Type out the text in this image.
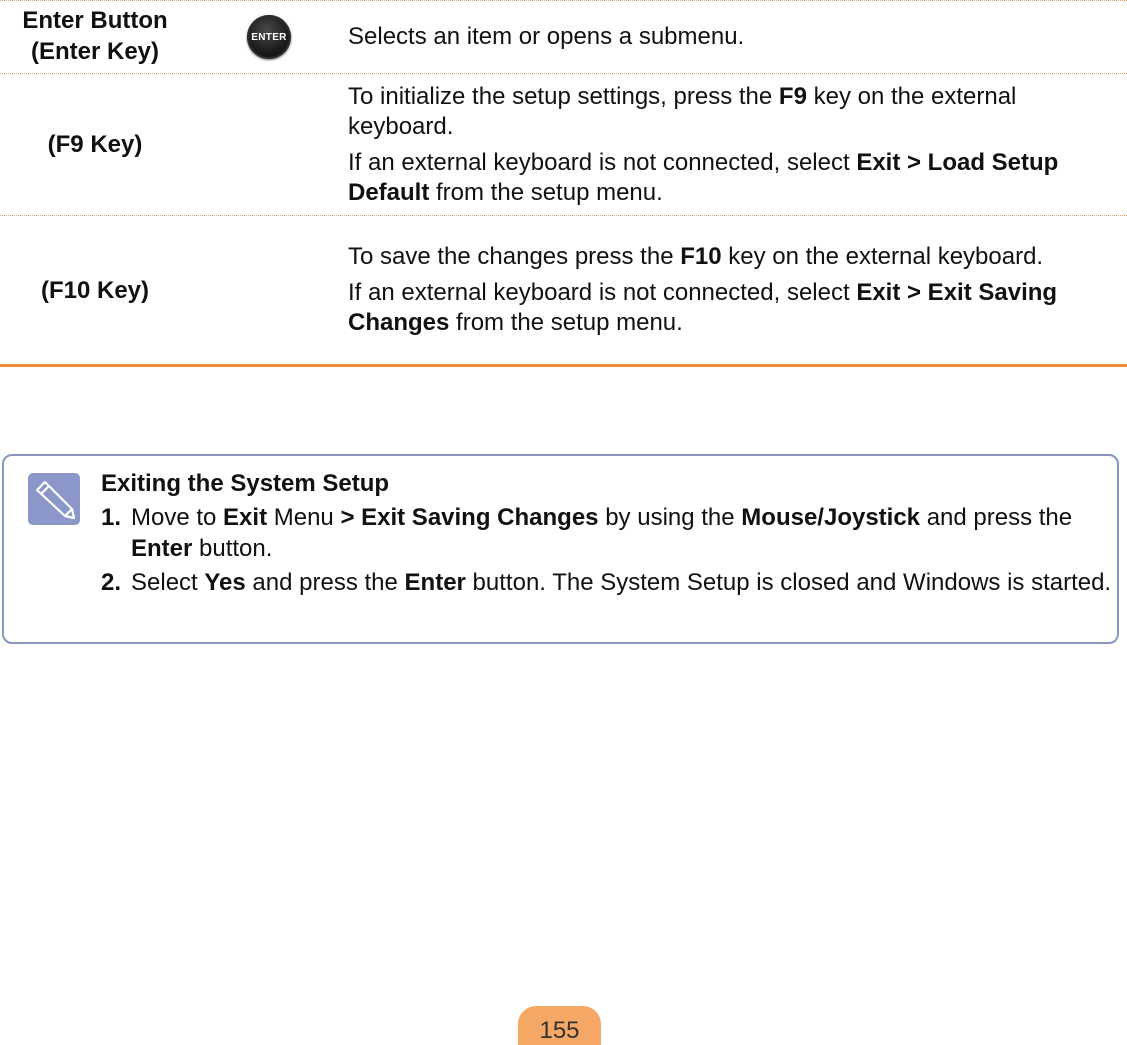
Enter Button
(Enter Key)
ENTER	Selects an item or opens a submenu.

(F9 Key)

To initialize the setup settings, press the F9 key on the external keyboard.

If an external keyboard is not connected, select Exit > Load Setup Default from the setup menu.

(F10 Key)

To save the changes press the F10 key on the external keyboard.

If an external keyboard is not connected, select Exit > Exit Saving Changes from the setup menu.

Exiting the System Setup
1. Move to Exit Menu > Exit Saving Changes by using the Mouse/Joystick and press the Enter button.
2. Select Yes and press the Enter button. The System Setup is closed and Windows is started.
155
